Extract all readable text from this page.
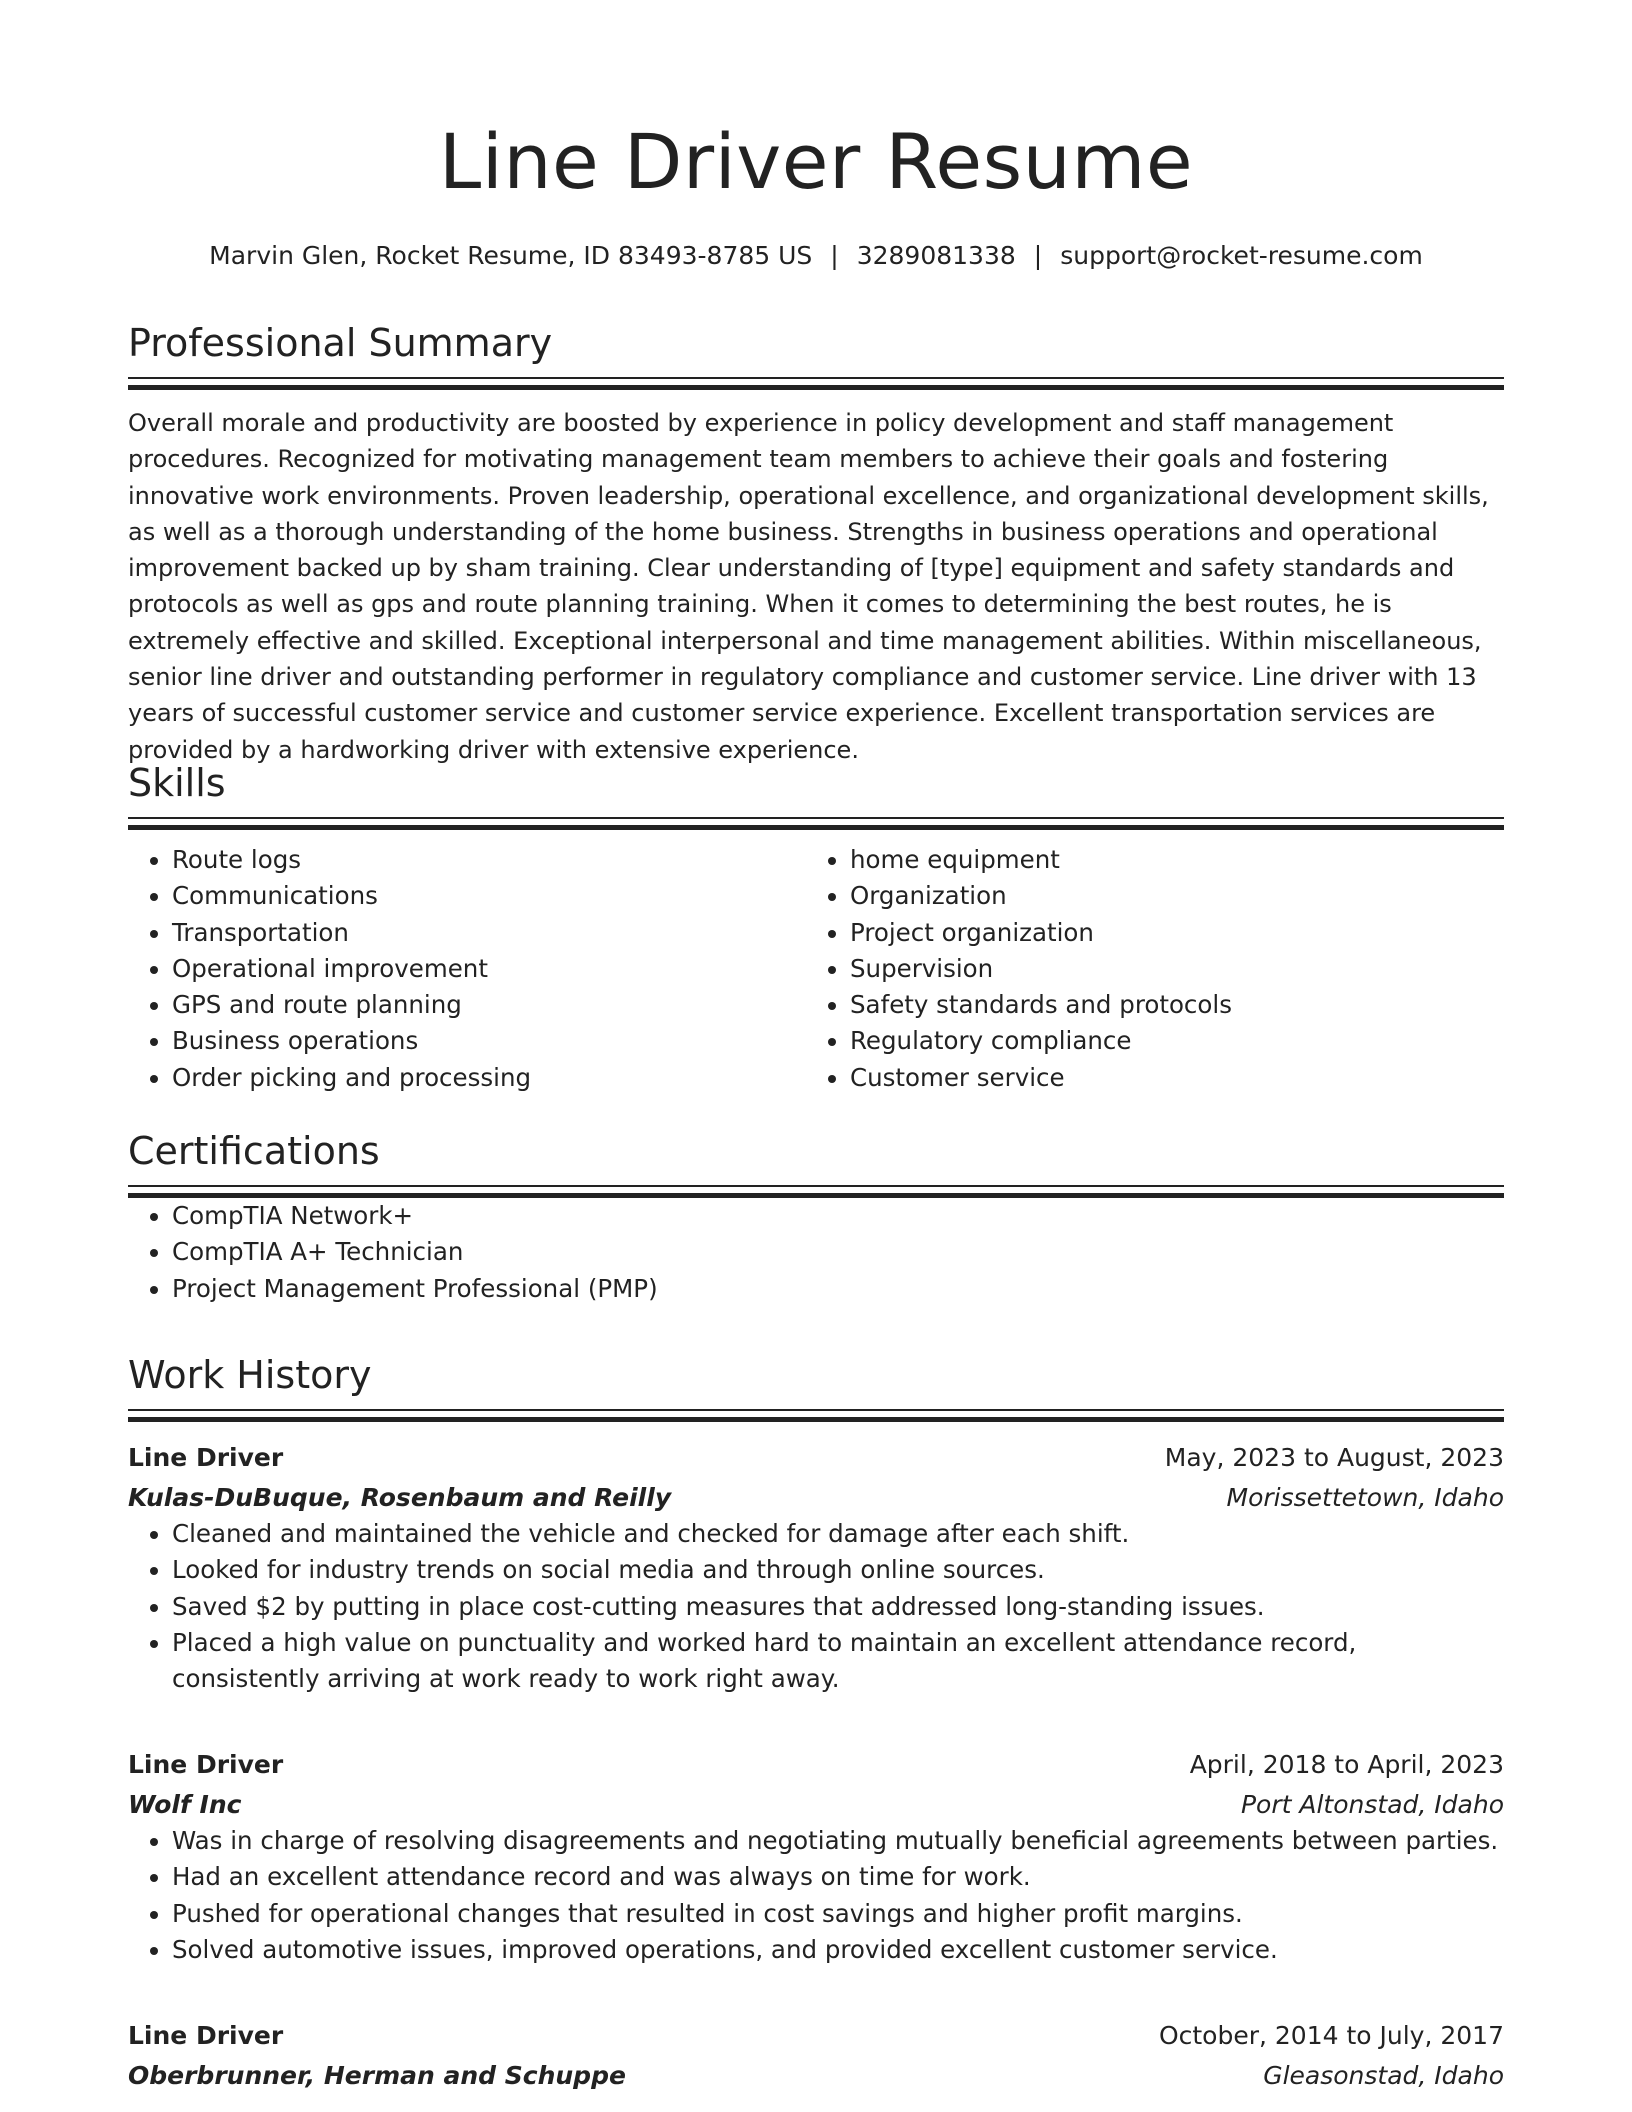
Line Driver Resume
Marvin Glen, Rocket Resume, ID 83493-8785 US | 3289081338 | support@rocket-resume.com
Professional Summary

Overall morale and productivity are boosted by experience in policy development and staff management procedures. Recognized for motivating management team members to achieve their goals and fostering innovative work environments. Proven leadership, operational excellence, and organizational development skills, as well as a thorough understanding of the home business. Strengths in business operations and operational improvement backed up by sham training. Clear understanding of [type] equipment and safety standards and protocols as well as gps and route planning training. When it comes to determining the best routes, he is extremely effective and skilled. Exceptional interpersonal and time management abilities. Within miscellaneous, senior line driver and outstanding performer in regulatory compliance and customer service. Line driver with 13 years of successful customer service and customer service experience. Excellent transportation services are provided by a hardworking driver with extensive experience.

Skills
• Route logs
• Communications
• Transportation
• Operational improvement
• GPS and route planning
• Business operations
• Order picking and processing
• home equipment
• Organization
• Project organization
• Supervision
• Safety standards and protocols
• Regulatory compliance
• Customer service
Certifications
• CompTIA Network+
• CompTIA A+ Technician
• Project Management Professional (PMP)
Work History
Line Driver	May, 2023 to August, 2023
Kulas-DuBuque, Rosenbaum and Reilly	Morissettetown, Idaho
• Cleaned and maintained the vehicle and checked for damage after each shift.
• Looked for industry trends on social media and through online sources.
• Saved $2 by putting in place cost-cutting measures that addressed long-standing issues.
• Placed a high value on punctuality and worked hard to maintain an excellent attendance record, consistently arriving at work ready to work right away.
Line Driver	April, 2018 to April, 2023
Wolf Inc	Port Altonstad, Idaho
• Was in charge of resolving disagreements and negotiating mutually beneficial agreements between parties.
• Had an excellent attendance record and was always on time for work.
• Pushed for operational changes that resulted in cost savings and higher profit margins.
• Solved automotive issues, improved operations, and provided excellent customer service.
Line Driver	October, 2014 to July, 2017
Oberbrunner, Herman and Schuppe	Gleasonstad, Idaho
